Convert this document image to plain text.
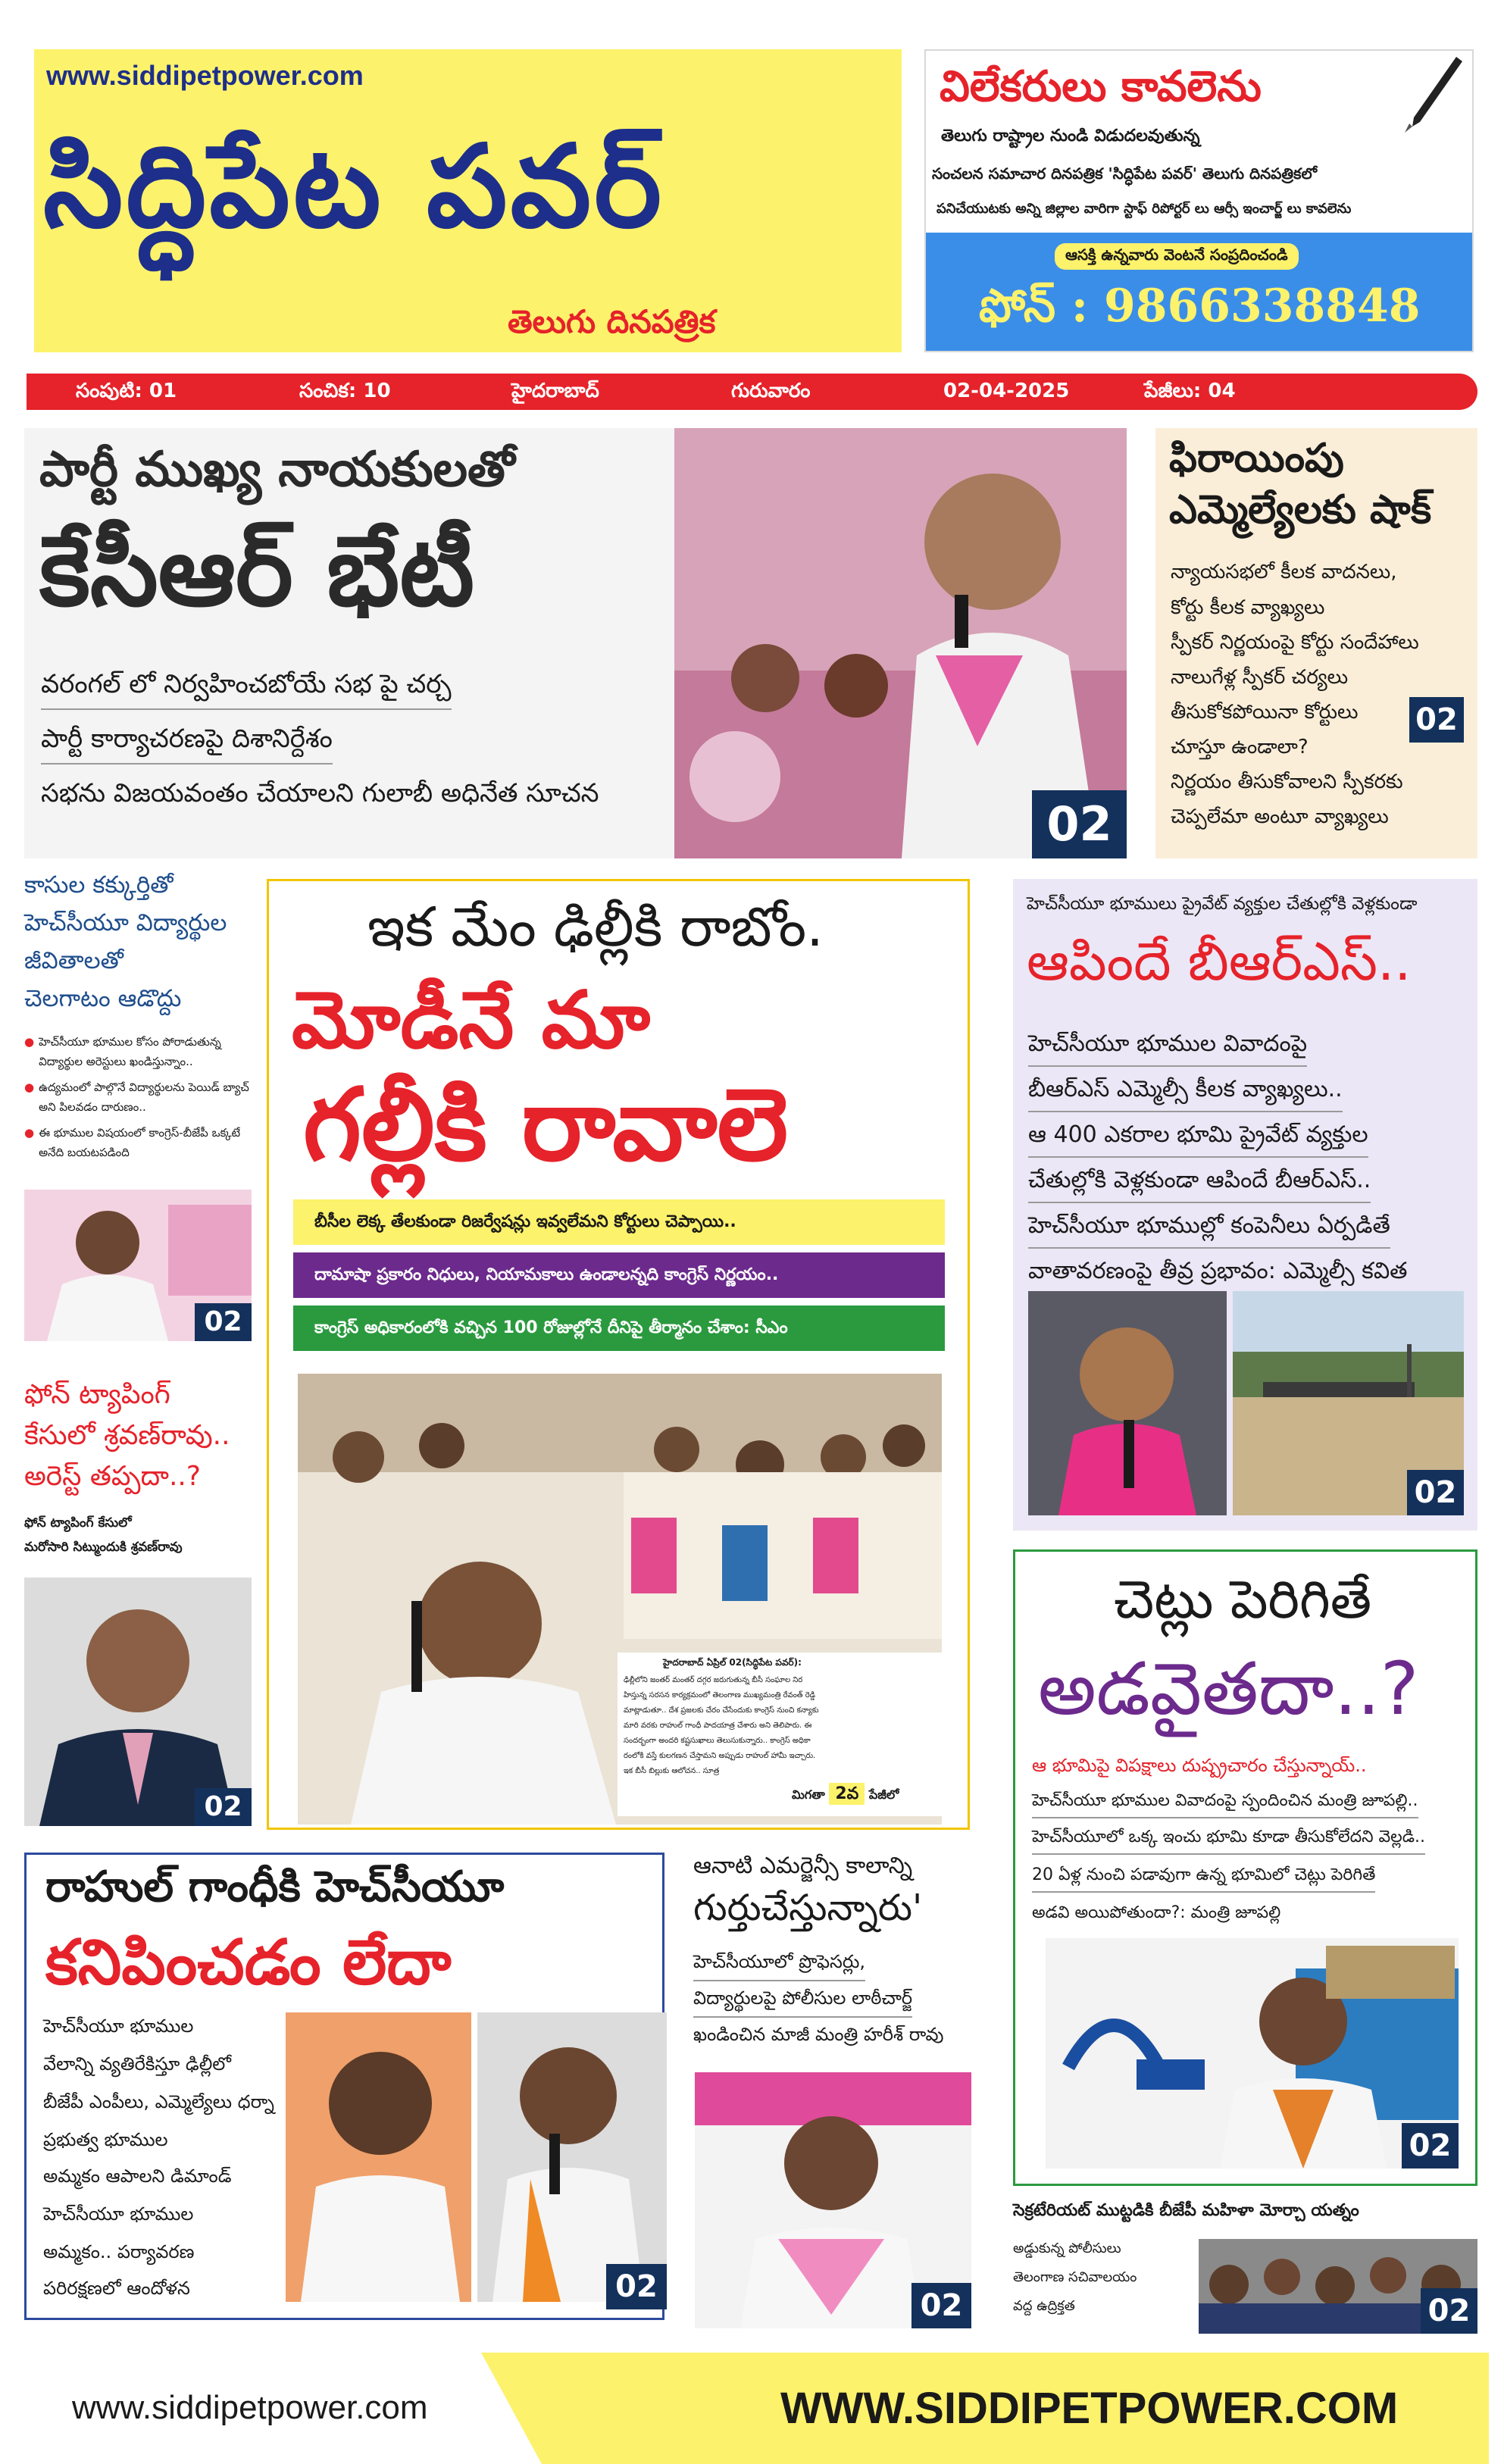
www.siddipetpower.com
సిద్ధిపేట పవర్
తెలుగు దినపత్రిక
విలేకరులు కావలెను
తెలుగు రాష్ట్రాల నుండి విడుదలవుతున్న
సంచలన సమాచార దినపత్రిక 'సిద్ధిపేట పవర్' తెలుగు దినపత్రికలో
పనిచేయుటకు అన్ని జిల్లాల వారిగా స్టాఫ్ రిపోర్టర్ లు ఆర్సీ ఇంచార్జ్ లు కావలెను
ఆసక్తి ఉన్నవారు వెంటనే సంప్రదించండి
ఫోన్ : 9866338848
సంపుటి: 01	సంచిక: 10	హైదరాబాద్	గురువారం	02-04-2025	పేజీలు: 04
పార్టీ ముఖ్య నాయకులతో
కేసీఆర్ భేటీ
వరంగల్ లో నిర్వహించబోయే సభ పై చర్చ
పార్టీ కార్యాచరణపై దిశానిర్దేశం
సభను విజయవంతం చేయాలని గులాబీ అధినేత సూచన
02
ఫిరాయింపు
ఎమ్మెల్యేలకు షాక్
న్యాయసభలో కీలక వాదనలు,
కోర్టు కీలక వ్యాఖ్యలు
స్పీకర్ నిర్ణయంపై కోర్టు సందేహాలు
నాలుగేళ్ల స్పీకర్ చర్యలు
తీసుకోకపోయినా కోర్టులు
చూస్తూ ఉండాలా?
నిర్ణయం తీసుకోవాలని స్పీకరకు
చెప్పలేమా అంటూ వ్యాఖ్యలు
02
కాసుల కక్కుర్తితో
హెచ్‌సీయూ విద్యార్థుల
జీవితాలతో
చెలగాటం ఆడొద్దు
● హెచ్‌సీయూ భూముల కోసం పోరాడుతున్న విద్యార్థుల అరెస్టులు ఖండిస్తున్నాం..
● ఉద్యమంలో పాల్గొనే విద్యార్థులను పెయిడ్ బ్యాచ్ అని పిలవడం దారుణం..
● ఈ భూముల విషయంలో కాంగ్రెస్-బీజేపీ ఒక్కటే అనేది బయటపడింది
02
ఫోన్ ట్యాపింగ్
కేసులో శ్రవణ్‌రావు..
అరెస్ట్ తప్పదా..?
ఫోన్ ట్యాపింగ్ కేసులో
మరోసారి సిట్ముందుకి శ్రవణ్‌రావు
02
ఇక మేం ఢిల్లీకి రాబోం.
మోడీనే మా
గల్లీకి రావాలె
బీసీల లెక్క తేలకుండా రిజర్వేషన్లు ఇవ్వలేమని కోర్టులు చెప్పాయి..
దామాషా ప్రకారం నిధులు, నియామకాలు ఉండాలన్నది కాంగ్రెస్ నిర్ణయం..
కాంగ్రెస్ అధికారంలోకి వచ్చిన 100 రోజుల్లోనే దీనిపై తీర్మానం చేశాం: సీఎం
హైదరాబాద్ ఏప్రిల్ 02(సిద్ధిపేట పవర్):
ఢిల్లీలోని జంతర్ మంతర్ దగ్గర జరుగుతున్న బీసీ సంఘాల నిర
హిస్తున్న సరసన కార్యక్రమంలో తెలంగాణ ముఖ్యమంత్రి రేవంత్ రెడ్డి
మాట్లాడుతూ.. దేశ ప్రజలకు చేరం చేసేందుకు కాంగ్రెస్ నుంచి కన్యాకు
మారి వరకు రాహుల్ గాంధీ పాదయాత్ర చేశారు అని తెలిపారు. ఈ
సందర్భంగా అందరి కష్టసుఖాలు తెలుసుకున్నారు.. కాంగ్రెస్ అధికా
రంలోకి వస్తే కులగణన చేస్తామని అప్పుడు రాహుల్ హామీ ఇచ్చారు.
ఇక బీసీ బిల్లుకు ఆలోచన.. సూత్ర
మిగతా 2వ పేజీలో
హెచ్‌సీయూ భూములు ప్రైవేట్ వ్యక్తుల చేతుల్లోకి వెళ్లకుండా
ఆపిందే బీఆర్ఎస్..
హెచ్‌సీయూ భూముల వివాదంపై
బీఆర్ఎస్ ఎమ్మెల్సీ కీలక వ్యాఖ్యలు..
ఆ 400 ఎకరాల భూమి ప్రైవేట్ వ్యక్తుల
చేతుల్లోకి వెళ్లకుండా ఆపిందే బీఆర్ఎస్..
హెచ్‌సీయూ భూముల్లో కంపెనీలు ఏర్పడితే
వాతావరణంపై తీవ్ర ప్రభావం: ఎమ్మెల్సీ కవిత
02
చెట్లు పెరిగితే
అడవైతదా..?
ఆ భూమిపై విపక్షాలు దుష్ప్రచారం చేస్తున్నాయ్..
హెచ్‌సీయూ భూముల వివాదంపై స్పందించిన మంత్రి జూపల్లి..
హెచ్‌సీయూలో ఒక్క ఇంచు భూమి కూడా తీసుకోలేదని వెల్లడి..
20 ఏళ్ల నుంచి పడావుగా ఉన్న భూమిలో చెట్లు పెరిగితే
అడవి అయిపోతుందా?: మంత్రి జూపల్లి
02
రాహుల్ గాంధీకి హెచ్‌సీయూ
కనిపించడం లేదా
హెచ్‌సీయూ భూముల
వేలాన్ని వ్యతిరేకిస్తూ ఢిల్లీలో
బీజేపీ ఎంపీలు, ఎమ్మెల్యేలు ధర్నా
ప్రభుత్వ భూముల
అమ్మకం ఆపాలని డిమాండ్
హెచ్‌సీయూ భూముల
అమ్మకం.. పర్యావరణ
పరిరక్షణలో ఆందోళన	02
ఆనాటి ఎమర్జెన్సీ కాలాన్ని
గుర్తుచేస్తున్నారు'
హెచ్‌సీయూలో ప్రొఫెసర్లు,
విద్యార్థులపై పోలీసుల లాఠీచార్జ్
ఖండించిన మాజీ మంత్రి హరీశ్ రావు
02
సెక్రటేరియట్ ముట్టడికి బీజేపీ మహిళా మోర్చా యత్నం
అడ్డుకున్న పోలీసులు
తెలంగాణ సచివాలయం
వద్ద ఉద్రిక్తత	02
www.siddipetpower.com	WWW.SIDDIPETPOWER.COM
